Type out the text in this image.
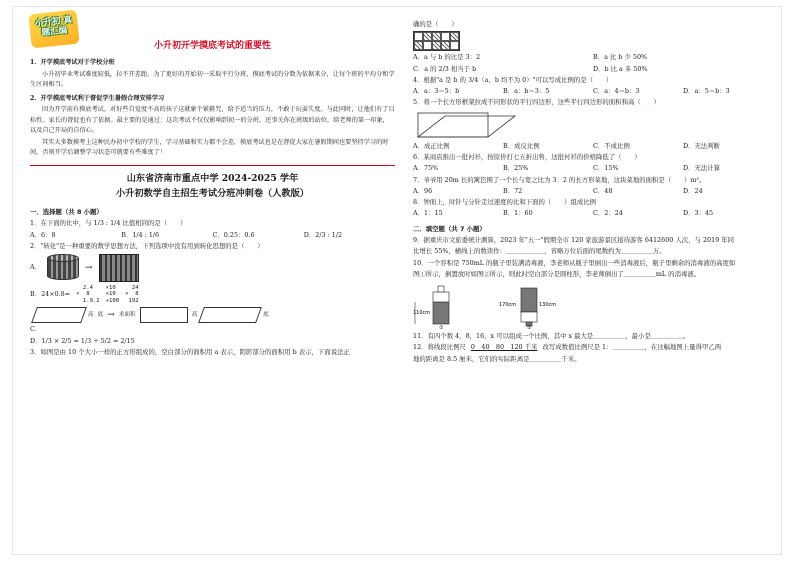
小升初 真题汇编
小升初开学摸底考试的重要性
1．开学摸底考试对于学校分班
小升初毕业考试难度较低，拉不开差距。为了更好的开始初一采取平行分班，摸底考试的分数为依据来分，让每个班的平均分和学生区间相当。
2．开学摸底考试利于督促学生暑假合理安排学习
因为开学前有摸底考试，对好些自觉度不高的孩子这就象个紧箍咒，给予适当的压力，不敢于玩耍失度。与此同时，让他们有了目标性。家长的督促也有了依据。最主要的是通过：这次考试不仅仅影响到初一的分班，还事关你在班级的站位，给老师的第一印象，以及自己开局的自信心。
其实大多数摸考上这种民办初中学校的学生，学习基础和实力都不会差，摸底考试也是在督促大家在暑假期间也要坚持学习的时间，否则开学后调整学习状态可就要有些难度了！
山东省济南市重点中学 2024-2025 学年
小升初数学自主招生考试分班冲刺卷（人教版）
一．选择题（共 8 小题）
1．在下面的比中，与 1/3 : 1/4 比值相同的是（　　）
A．6：8	B．1/4 : 1/6	C．0.25：0.6	D．2/3 : 1/2
2．"转化"是一种重要的数学思想方法，下列选项中没有用到转化思想的是（　　）
A．	→
B．24×0.8=
2.4
×  8
1.9.2
×10
×10
÷100
24
×  8
192
高 底 → 求面积	高	底
C．
D．1/3 × 2/5 = 1/3 ÷ 5/2 = 2/15
3．如图是由 10 个大小一样的正方形组成的，空白部分的面积用 a 表示，阴影部分的面积用 b 表示，下面说法正
确的是（　　）
A．a 与 b 的比是 3：2	B．a 比 b 少 50%
C．a 的 2/3 相当于 b	D．b 比 a 多 50%
4．根据"a 是 b 的 3/4（a、b 均不为 0）"可以写成比例的是（　　）
A．a：3＝5：b	B．a：b＝3：5	C．a：4＝b：3	D．a：5＝b：3
5．将一个长方形框架拉成不同形状的平行四边形，这些平行四边形的面积和高（　　）
A．成正比例	B．成反比例	C．不成比例	D．无法判断
6．某商店推出一批衬衫，按原价打七五折出售，这批衬衫的价格降低了（　　）
A．75%	B．25%	C．15%	D．无法计算
7．爷爷用 20m 长的篱笆围了一个长与宽之比为 3：2 的长方形菜地，这块菜地的面积是（　　）m²。
A．96	B．72	C．48	D．24
8．钟面上，时针与分针走过速度的比和下面的（　　）组成比例
A．1：15	B．1：60	C．2：24	D．3：45
二．填空题（共 7 小题）
9．据重庆市文旅委统计测算，2023 年"五一"假期全市 120 家旅游景区接待游客 6412600 人次，与 2019 年同
比增长 55%，横线上的数读作：＿＿＿＿＿＿，省略万位后面的尾数约为＿＿＿＿＿万。
10．一个容积是 750mL 的瓶子里装满消毒液，李老师从瓶子里倒出一些消毒液后，瓶子里剩余的消毒液的高度如
图①所示，倒置放时如图②所示，则此时空白部分是圆柱形，李老师倒出了＿＿＿＿＿mL 的消毒液。
110cm
①
170cm	130cm
②
11．有四个数 4，8，16，x 可以组成一个比例，其中 x 最大是＿＿＿＿＿，最小是＿＿＿＿＿。
12．将线段比例尺 0　40　80　120 千米 改写成数值比例尺是 1：＿＿＿＿＿，在这幅地图上量得甲乙两
地的距离是 8.5 厘米，它们的实际距离是＿＿＿＿＿千米。
